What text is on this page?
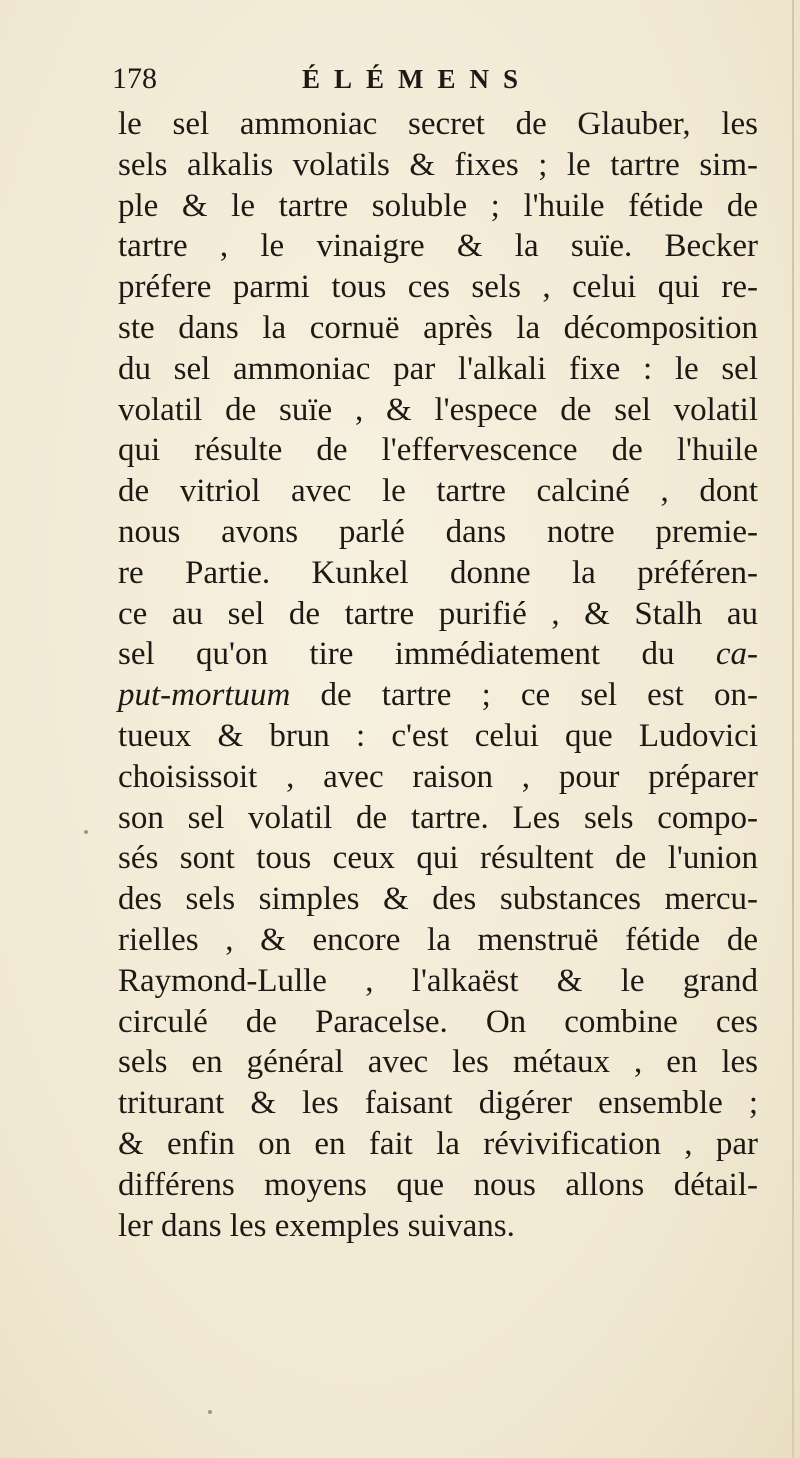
178	ÉLÉMENS
le sel ammoniac secret de Glauber, les
sels alkalis volatils & fixes ; le tartre sim-
ple & le tartre soluble ; l'huile fétide de
tartre , le vinaigre & la suïe. Becker
préfere parmi tous ces sels , celui qui re-
ste dans la cornuë après la décomposition
du sel ammoniac par l'alkali fixe : le sel
volatil de suïe , & l'espece de sel volatil
qui résulte de l'effervescence de l'huile
de vitriol avec le tartre calciné , dont
nous avons parlé dans notre premie-
re Partie. Kunkel donne la préféren-
ce au sel de tartre purifié , & Stalh au
sel qu'on tire immédiatement du ca-
put-mortuum de tartre ; ce sel est on-
tueux & brun : c'est celui que Ludovici
choisissoit , avec raison , pour préparer
son sel volatil de tartre. Les sels compo-
sés sont tous ceux qui résultent de l'union
des sels simples & des substances mercu-
rielles , & encore la menstruë fétide de
Raymond-Lulle , l'alkaëst & le grand
circulé de Paracelse. On combine ces
sels en général avec les métaux , en les
triturant & les faisant digérer ensemble ;
& enfin on en fait la révivification , par
différens moyens que nous allons détail-
ler dans les exemples suivans.
